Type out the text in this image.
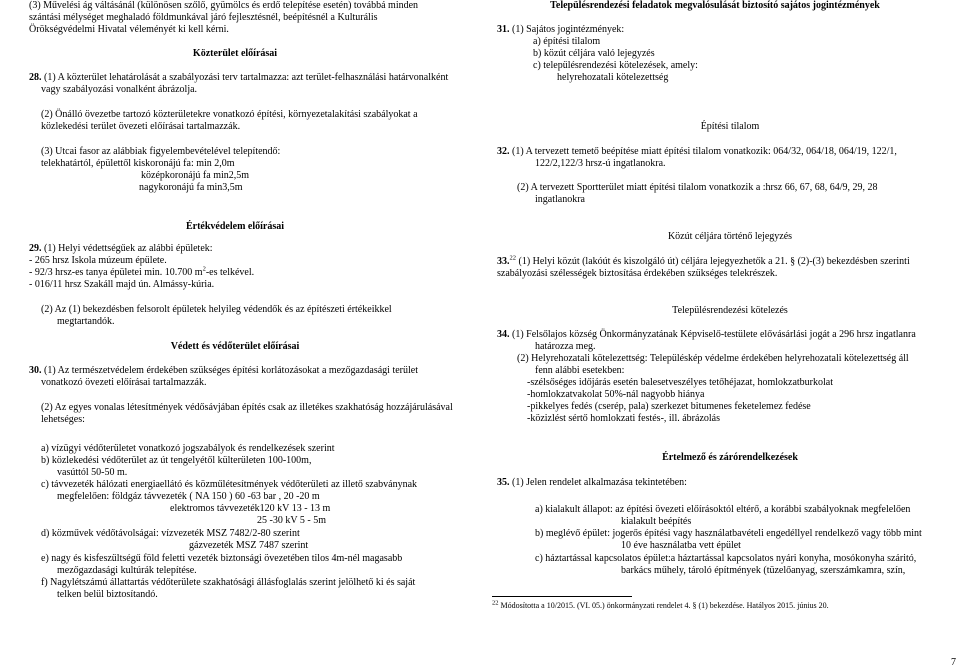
(3) Művelési ág váltásánál (különösen szőlő, gyümölcs és erdő telepítése esetén) továbbá minden
szántási mélységet meghaladó földmunkával járó fejlesztésnél, beépítésnél a Kulturális
Örökségvédelmi Hivatal véleményét ki kell kérni.
Közterület előírásai
28. (1) A közterület lehatárolását a szabályozási terv tartalmazza: azt terület-felhasználási határvonalként
vagy szabályozási vonalként ábrázolja.
(2) Önálló övezetbe tartozó közterületekre vonatkozó építési, környezetalakítási szabályokat a
közlekedési terület övezeti előírásai tartalmazzák.
(3) Utcai fasor az alábbiak figyelembevételével telepítendő:
telekhatártól, épülettől kiskoronájú fa: min 2,0m
középkoronájú fa min2,5m
nagykoronájú fa min3,5m
Értékvédelem előírásai
29. (1) Helyi védettségűek az alábbi épületek:
- 265 hrsz Iskola múzeum épülete.
- 92/3 hrsz-es tanya épületei min. 10.700 $m^2-es$ telkével.
- 016/11 hrsz Szakáll majd ún. Almássy-kúria.
(2) Az (1) bekezdésben felsorolt épületek helyileg védendők és az építészeti értékeikkel
megtartandók.
Védett és védőterület előírásai
30. (1) Az természetvédelem érdekében szükséges építési korlátozásokat a mezőgazdasági terület
vonatkozó övezeti előírásai tartalmazzák.
(2) Az egyes vonalas létesítmények védősávjában építés csak az illetékes szakhatóság hozzájárulásával
lehetséges:
a) vízügyi védőterületet vonatkozó jogszabályok és rendelkezések szerint
b) közlekedési védőterület az út tengelyétől külterületen 100-100m,
vasúttól 50-50 m.
c) távvezeték hálózati energiaellátó és közműlétesítmények védőterületi az illető szabványnak
megfelelően: földgáz távvezeték ( NA 150 ) 60 -63 bar , 20 -20 m
elektromos távvezeték120 kV 13 - 13 m
25 -30 kV 5 - 5m
d) közművek védőtávolságai: vízvezeték MSZ 7482/2-80 szerint
gázvezeték MSZ 7487 szerint
e) nagy és kisfeszültségű föld feletti vezeték biztonsági övezetében tilos 4m-nél magasabb
mezőgazdasági kultúrák telepítése.
f) Nagylétszámú állattartás védőterülete szakhatósági állásfoglalás szerint jelölhető ki és saját
telken belül biztosítandó.
Településrendezési feladatok megvalósulását biztosító sajátos jogintézmények
31. (1) Sajátos jogintézmények:
a) építési tilalom
b) közút céljára való lejegyzés
c) településrendezési kötelezések, amely:
helyrehozatali kötelezettség
Építési tilalom
32. (1) A tervezett temető beépítése miatt építési tilalom vonatkozik: 064/32, 064/18, 064/19, 122/1,
122/2,122/3 hrsz-ú ingatlanokra.
(2) A tervezett Sportterület miatt építési tilalom vonatkozik a :hrsz 66, 67, 68, 64/9, 29, 28
ingatlanokra
Közút céljára történő lejegyzés
33.22 (1) Helyi közút (lakóút és kiszolgáló út) céljára lejegyezhetők a 21. § (2)-(3) bekezdésben szerinti
szabályozási szélességek biztosítása érdekében szükséges telekrészek.
Településrendezési kötelezés
34. (1) Felsőlajos község Önkormányzatának Képviselő-testülete elővásárlási jogát a 296 hrsz ingatlanra
határozza meg.
(2) Helyrehozatali kötelezettség: Településkép védelme érdekében helyrehozatali kötelezettség áll
fenn alábbi esetekben:
-szélsőséges időjárás esetén balesetveszélyes tetőhéjazat, homlokzatburkolat
-homlokzatvakolat 50%-nál nagyobb hiánya
-pikkelyes fedés (cserép, pala) szerkezet bitumenes feketelemez fedése
-közizlést sértő homlokzati festés-, ill. ábrázolás
Értelmező és zárórendelkezések
35. (1) Jelen rendelet alkalmazása tekintetében:
a) kialakult állapot: az építési övezeti előírásoktól eltérő, a korábbi szabályoknak megfelelően
kialakult beépítés
b) meglévő épület: jogerős építési vagy használatbavételi engedéllyel rendelkező vagy több mint
10 éve használatba vett épület
c) háztartással kapcsolatos épület:a háztartással kapcsolatos nyári konyha, mosókonyha száritó,
barkács műhely, tároló építmények (tüzelőanyag, szerszámkamra, szín,
$^{22}$ Módosította a 10/2015. (VI. 05.) önkormányzati rendelet 4. § (1) bekezdése. Hatályos 2015. június 20.
7
